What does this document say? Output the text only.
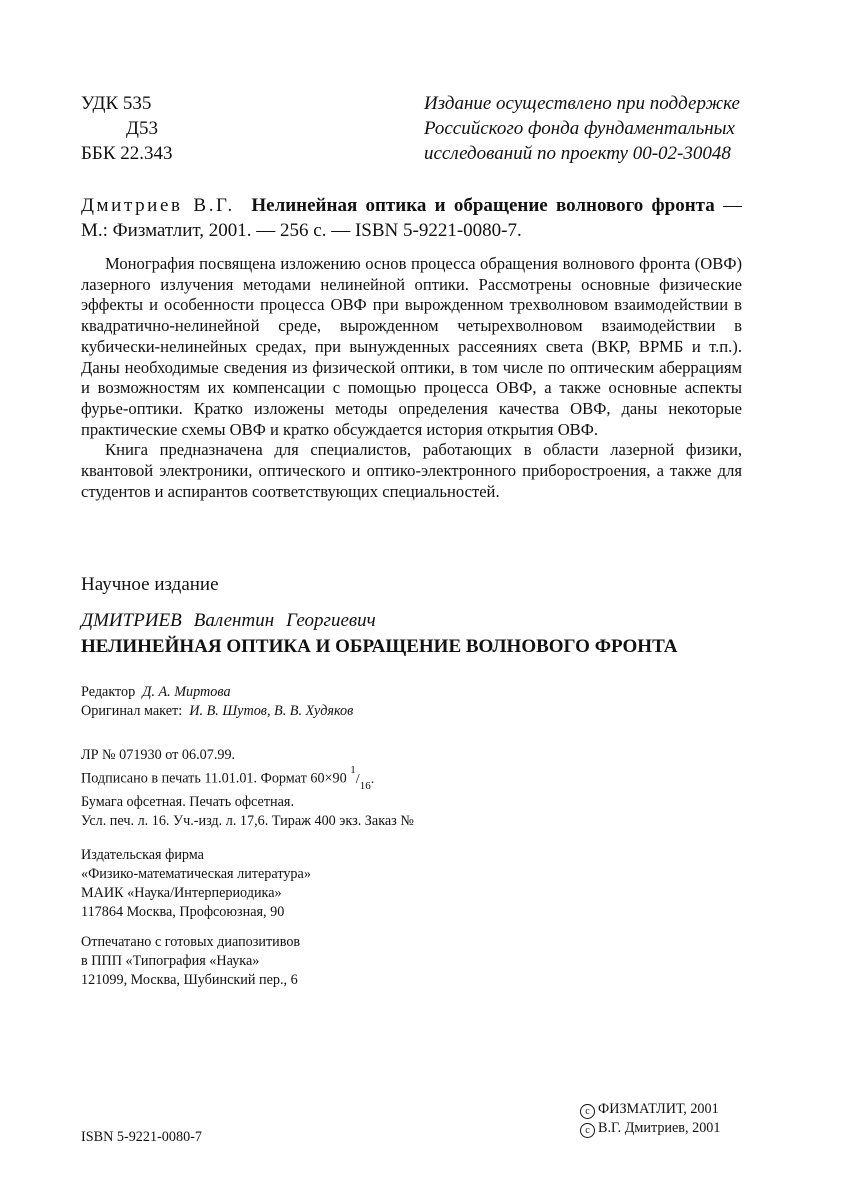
УДК 535
Д53
ББК 22.343
Издание осуществлено при поддержке
Российского фонда фундаментальных
исследований по проекту 00-02-30048
Дмитриев В.Г. Нелинейная оптика и обращение волнового фронта — М.: Физматлит, 2001. — 256 с. — ISBN 5-9221-0080-7.

Монография посвящена изложению основ процесса обращения волнового фронта (ОВФ) лазерного излучения методами нелинейной оптики. Рассмотрены основные физические эффекты и особенности процесса ОВФ при вырожденном трехволновом взаимодействии в квадратично-нелинейной среде, вырожденном четырехволновом взаимодействии в кубически-нелинейных средах, при вынужденных рассеяниях света (ВКР, ВРМБ и т.п.). Даны необходимые сведения из физической оптики, в том числе по оптическим аберрациям и возможностям их компенсации с помощью процесса ОВФ, а также основные аспекты фурье-оптики. Кратко изложены методы определения качества ОВФ, даны некоторые практические схемы ОВФ и кратко обсуждается история открытия ОВФ.

Книга предназначена для специалистов, работающих в области лазерной физики, квантовой электроники, оптического и оптико-электронного приборостроения, а также для студентов и аспирантов соответствующих специальностей.

Научное издание
ДМИТРИЕВ Валентин Георгиевич
НЕЛИНЕЙНАЯ ОПТИКА И ОБРАЩЕНИЕ ВОЛНОВОГО ФРОНТА
Редактор Д. А. Миртова
Оригинал макет: И. В. Шутов, В. В. Худяков
ЛР № 071930 от 06.07.99.
Подписано в печать 11.01.01. Формат 60×90 $^1/_{16}$.
Бумага офсетная. Печать офсетная.
Усл. печ. л. 16. Уч.-изд. л. 17,6. Тираж 400 экз. Заказ №
Издательская фирма
«Физико-математическая литература»
МАИК «Наука/Интерпериодика»
117864 Москва, Профсоюзная, 90
Отпечатано с готовых диапозитивов
в ППП «Типография «Наука»
121099, Москва, Шубинский пер., 6
ISBN 5-9221-0080-7
c ФИЗМАТЛИТ, 2001
c В.Г. Дмитриев, 2001
